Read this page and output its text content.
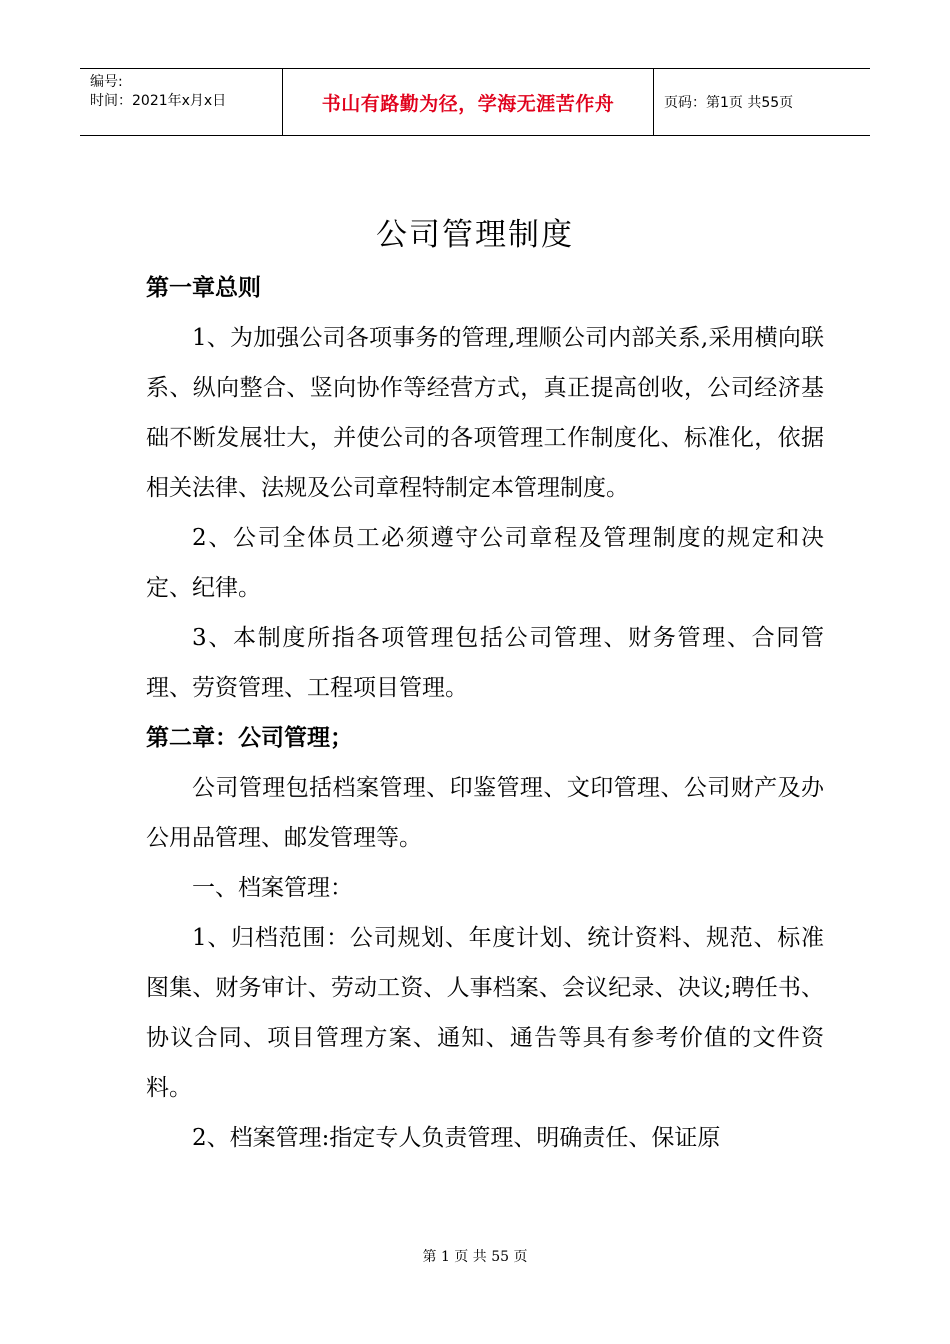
编号:
时间：2021年x月x日	书山有路勤为径，学海无涯苦作舟	页码：第1页 共55页
公司管理制度

第一章总则

1、为加强公司各项事务的管理,理顺公司内部关系,采用横向联系、纵向整合、竖向协作等经营方式，真正提高创收，公司经济基础不断发展壮大，并使公司的各项管理工作制度化、标准化，依据相关法律、法规及公司章程特制定本管理制度。

2、公司全体员工必须遵守公司章程及管理制度的规定和决定、纪律。

3、本制度所指各项管理包括公司管理、财务管理、合同管理、劳资管理、工程项目管理。

第二章：公司管理；

公司管理包括档案管理、印鉴管理、文印管理、公司财产及办公用品管理、邮发管理等。

一、档案管理：

1、归档范围：公司规划、年度计划、统计资料、规范、标准图集、财务审计、劳动工资、人事档案、会议纪录、决议;聘任书、协议合同、项目管理方案、通知、通告等具有参考价值的文件资料。

2、档案管理:指定专人负责管理、明确责任、保证原

第 1 页 共 55 页
